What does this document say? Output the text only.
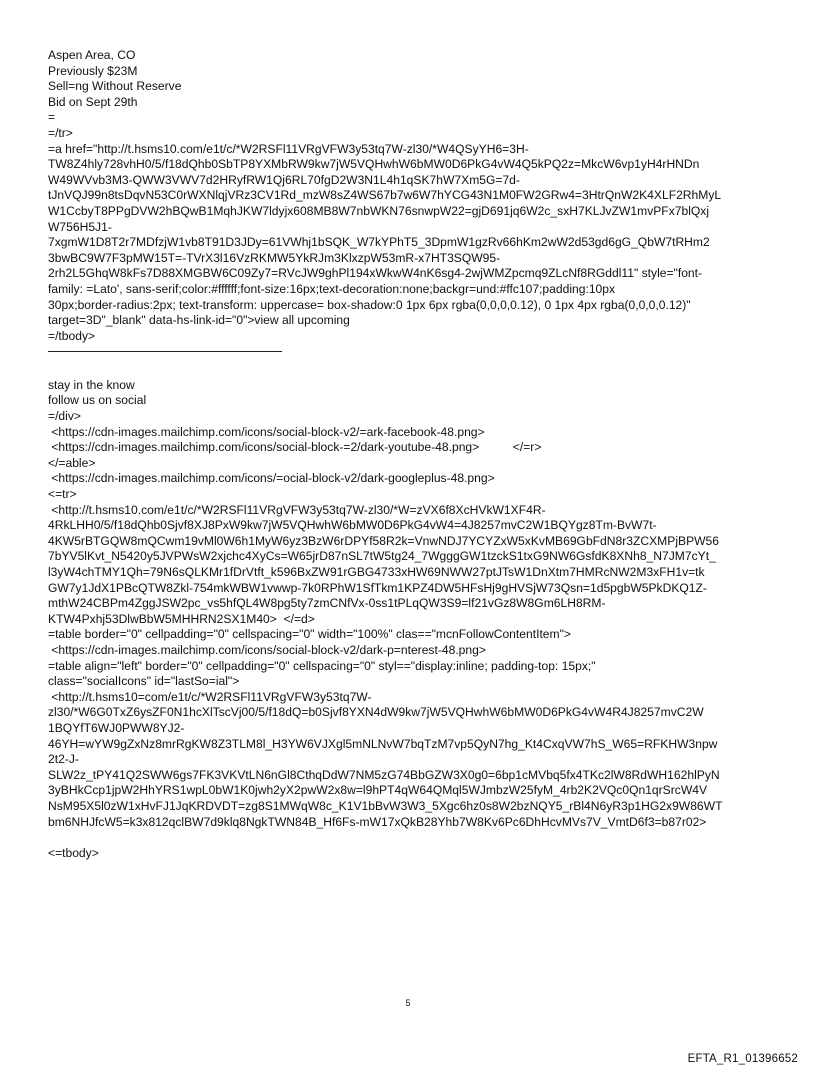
Aspen Area, CO
Previously $23M
Sell=ng Without Reserve
Bid on Sept 29th
=
=/tr>
=a href="http://t.hsms10.com/e1t/c/*W2RSFl11VRgVFW3y53tq7W-zl30/*W4QSyYH6=3H-
TW8Z4hly728vhH0/5/f18dQhb0SbTP8YXMbRW9kw7jW5VQHwhW6bMW0D6PkG4vW4Q5kPQ2z=MkcW6vp1yH4rHNDn
W49WVvb3M3-QWW3VWV7d2HRyfRW1Qj6RL70fgD2W3N1L4h1qSK7hW7Xm5G=7d-
tJnVQJ99n8tsDqvN53C0rWXNlqjVRz3CV1Rd_mzW8sZ4WS67b7w6W7hYCG43N1M0FW2GRw4=3HtrQnW2K4XLF2RhMyL
W1CcbyT8PPgDVW2hBQwB1MqhJKW7ldyjx608MB8W7nbWKN76snwpW22=gjD691jq6W2c_sxH7KLJvZW1mvPFx7blQxj
W756H5J1-
7xgmW1D8T2r7MDfzjW1vb8T91D3JDy=61VWhj1bSQK_W7kYPhT5_3DpmW1gzRv66hKm2wW2d53gd6gG_QbW7tRHm2
3bwBC9W7F3pMW15T=-TVrX3l16VzRKMW5YkRJm3KlxzpW53mR-x7HT3SQW95-
2rh2L5GhqW8kFs7D88XMGBW6C09Zy7=RVcJW9ghPl194xWkwW4nK6sg4-2wjWMZpcmq9ZLcNf8RGddl11" style="font-
family: =Lato', sans-serif;color:#ffffff;font-size:16px;text-decoration:none;backgr=und:#ffc107;padding:10px
30px;border-radius:2px; text-transform: uppercase= box-shadow:0 1px 6px rgba(0,0,0,0.12), 0 1px 4px rgba(0,0,0,0.12)"
target=3D"_blank" data-hs-link-id="0">view all upcoming
=/tbody>
stay in the know
follow us on social
=/div>
<https://cdn-images.mailchimp.com/icons/social-block-v2/=ark-facebook-48.png>
<https://cdn-images.mailchimp.com/icons/social-block-=2/dark-youtube-48.png>          </=r>
</=able>
<https://cdn-images.mailchimp.com/icons/=ocial-block-v2/dark-googleplus-48.png>
<=tr>
<http://t.hsms10.com/e1t/c/*W2RSFl11VRgVFW3y53tq7W-zl30/*W=zVX6f8XcHVkW1XF4R-
4RkLHH0/5/f18dQhb0Sjvf8XJ8PxW9kw7jW5VQHwhW6bMW0D6PkG4vW4=4J8257mvC2W1BQYgz8Tm-BvW7t-
4KW5rBTGQW8mQCwm19vMl0W6h1MyW6yz3BzW6rDPYf58R2k=VnwNDJ7YCYZxW5xKvMB69GbFdN8r3ZCXMPjBPW56
7bYV5lKvt_N5420y5JVPWsW2xjchc4XyCs=W65jrD87nSL7tW5tg24_7WgggGW1tzckS1txG9NW6GsfdK8XNh8_N7JM7cYt_
l3yW4chTMY1Qh=79N6sQLKMr1fDrVtft_k596BxZW91rGBG4733xHW69NWW27ptJTsW1DnXtm7HMRcNW2M3xFH1v=tk
GW7y1JdX1PBcQTW8Zkl-754mkWBW1vwwp-7k0RPhW1SfTkm1KPZ4DW5HFsHj9gHVSjW73Qsn=1d5pgbW5PkDKQ1Z-
mthW24CBPm4ZggJSW2pc_vs5hfQL4W8pg5ty7zmCNfVx-0ss1tPLqQW3S9=lf21vGz8W8Gm6LH8RM-
KTW4Pxhj53DlwBbW5MHHRN2SX1M40>  </=d>
=table border="0" cellpadding="0" cellspacing="0" width="100%" clas=="mcnFollowContentItem">
<https://cdn-images.mailchimp.com/icons/social-block-v2/dark-p=nterest-48.png>
=table align="left" border="0" cellpadding="0" cellspacing="0" styl=="display:inline; padding-top: 15px;"
class="socialIcons" id="lastSo=ial">
<http://t.hsms10=com/e1t/c/*W2RSFl11VRgVFW3y53tq7W-
zl30/*W6G0TxZ6ysZF0N1hcXlTscVj00/5/f18dQ=b0Sjvf8YXN4dW9kw7jW5VQHwhW6bMW0D6PkG4vW4R4J8257mvC2W
1BQYfT6WJ0PWW8YJ2-
46YH=wYW9gZxNz8mrRgKW8Z3TLM8l_H3YW6VJXgl5mNLNvW7bqTzM7vp5QyN7hg_Kt4CxqVW7hS_W65=RFKHW3npw
2t2-J-
SLW2z_tPY41Q2SWW6gs7FK3VKVtLN6nGl8CthqDdW7NM5zG74BbGZW3X0g0=6bp1cMVbq5fx4TKc2lW8RdWH162hlPyN
3yBHkCcp1jpW2HhYRS1wpL0bW1K0jwh2yX2pwW2x8w=l9hPT4qW64QMql5WJmbzW25fyM_4rb2K2VQc0Qn1qrSrcW4V
NsM95X5l0zW1xHvFJ1JqKRDVDT=zg8S1MWqW8c_K1V1bBvW3W3_5Xgc6hz0s8W2bzNQY5_rBl4N6yR3p1HG2x9W86WT
bm6NHJfcW5=k3x812qclBW7d9klq8NgkTWN84B_Hf6Fs-mW17xQkB28Yhb7W8Kv6Pc6DhHcvMVs7V_VmtD6f3=b87r02>
<=tbody>
5
EFTA_R1_01396652
